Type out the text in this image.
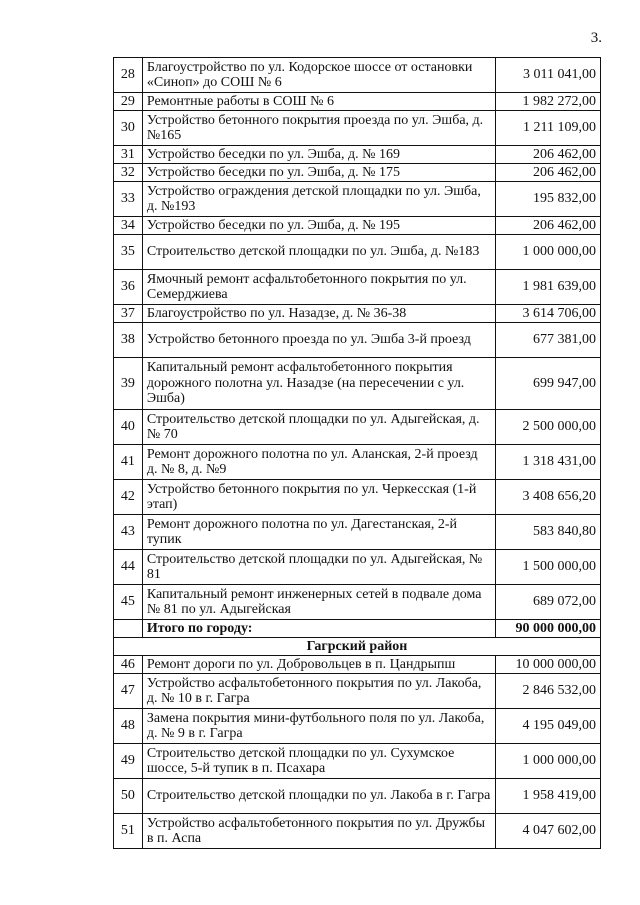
3.
28	Благоустройство по ул. Кодорское шоссе от остановки «Синоп» до СОШ № 6	3 011 041,00
29	Ремонтные работы в СОШ № 6	1 982 272,00
30	Устройство бетонного покрытия проезда по ул. Эшба, д. №165	1 211 109,00
31	Устройство беседки по ул. Эшба, д. № 169	206 462,00
32	Устройство беседки по ул. Эшба, д. № 175	206 462,00
33	Устройство ограждения детской площадки по ул. Эшба, д. №193	195 832,00
34	Устройство беседки по ул. Эшба, д. № 195	206 462,00
35	Строительство детской площадки по ул. Эшба, д. №183	1 000 000,00
36	Ямочный ремонт асфальтобетонного покрытия по ул. Семерджиева	1 981 639,00
37	Благоустройство по ул. Назадзе, д. № 36-38	3 614 706,00
38	Устройство бетонного проезда по ул. Эшба 3-й проезд	677 381,00
39	Капитальный ремонт асфальтобетонного покрытия дорожного полотна ул. Назадзе (на пересечении с ул. Эшба)	699 947,00
40	Строительство детской площадки по ул. Адыгейская, д. № 70	2 500 000,00
41	Ремонт дорожного полотна по ул. Аланская, 2-й проезд д. № 8, д. №9	1 318 431,00
42	Устройство бетонного покрытия по ул. Черкесская (1-й этап)	3 408 656,20
43	Ремонт дорожного полотна по ул. Дагестанская, 2-й тупик	583 840,80
44	Строительство детской площадки по ул. Адыгейская, № 81	1 500 000,00
45	Капитальный ремонт инженерных сетей в подвале дома № 81 по ул. Адыгейская	689 072,00
	Итого по городу:	90 000 000,00
Гагрский район		
46	Ремонт дороги по ул. Добровольцев в п. Цандрыпш	10 000 000,00
47	Устройство асфальтобетонного покрытия по ул. Лакоба, д. № 10 в г. Гагра	2 846 532,00
48	Замена покрытия мини-футбольного поля по ул. Лакоба, д. № 9 в г. Гагра	4 195 049,00
49	Строительство детской площадки по ул. Сухумское шоссе, 5-й тупик в п. Псахара	1 000 000,00
50	Строительство детской площадки по ул. Лакоба в г. Гагра	1 958 419,00
51	Устройство асфальтобетонного покрытия по ул. Дружбы в п. Аспа	4 047 602,00
